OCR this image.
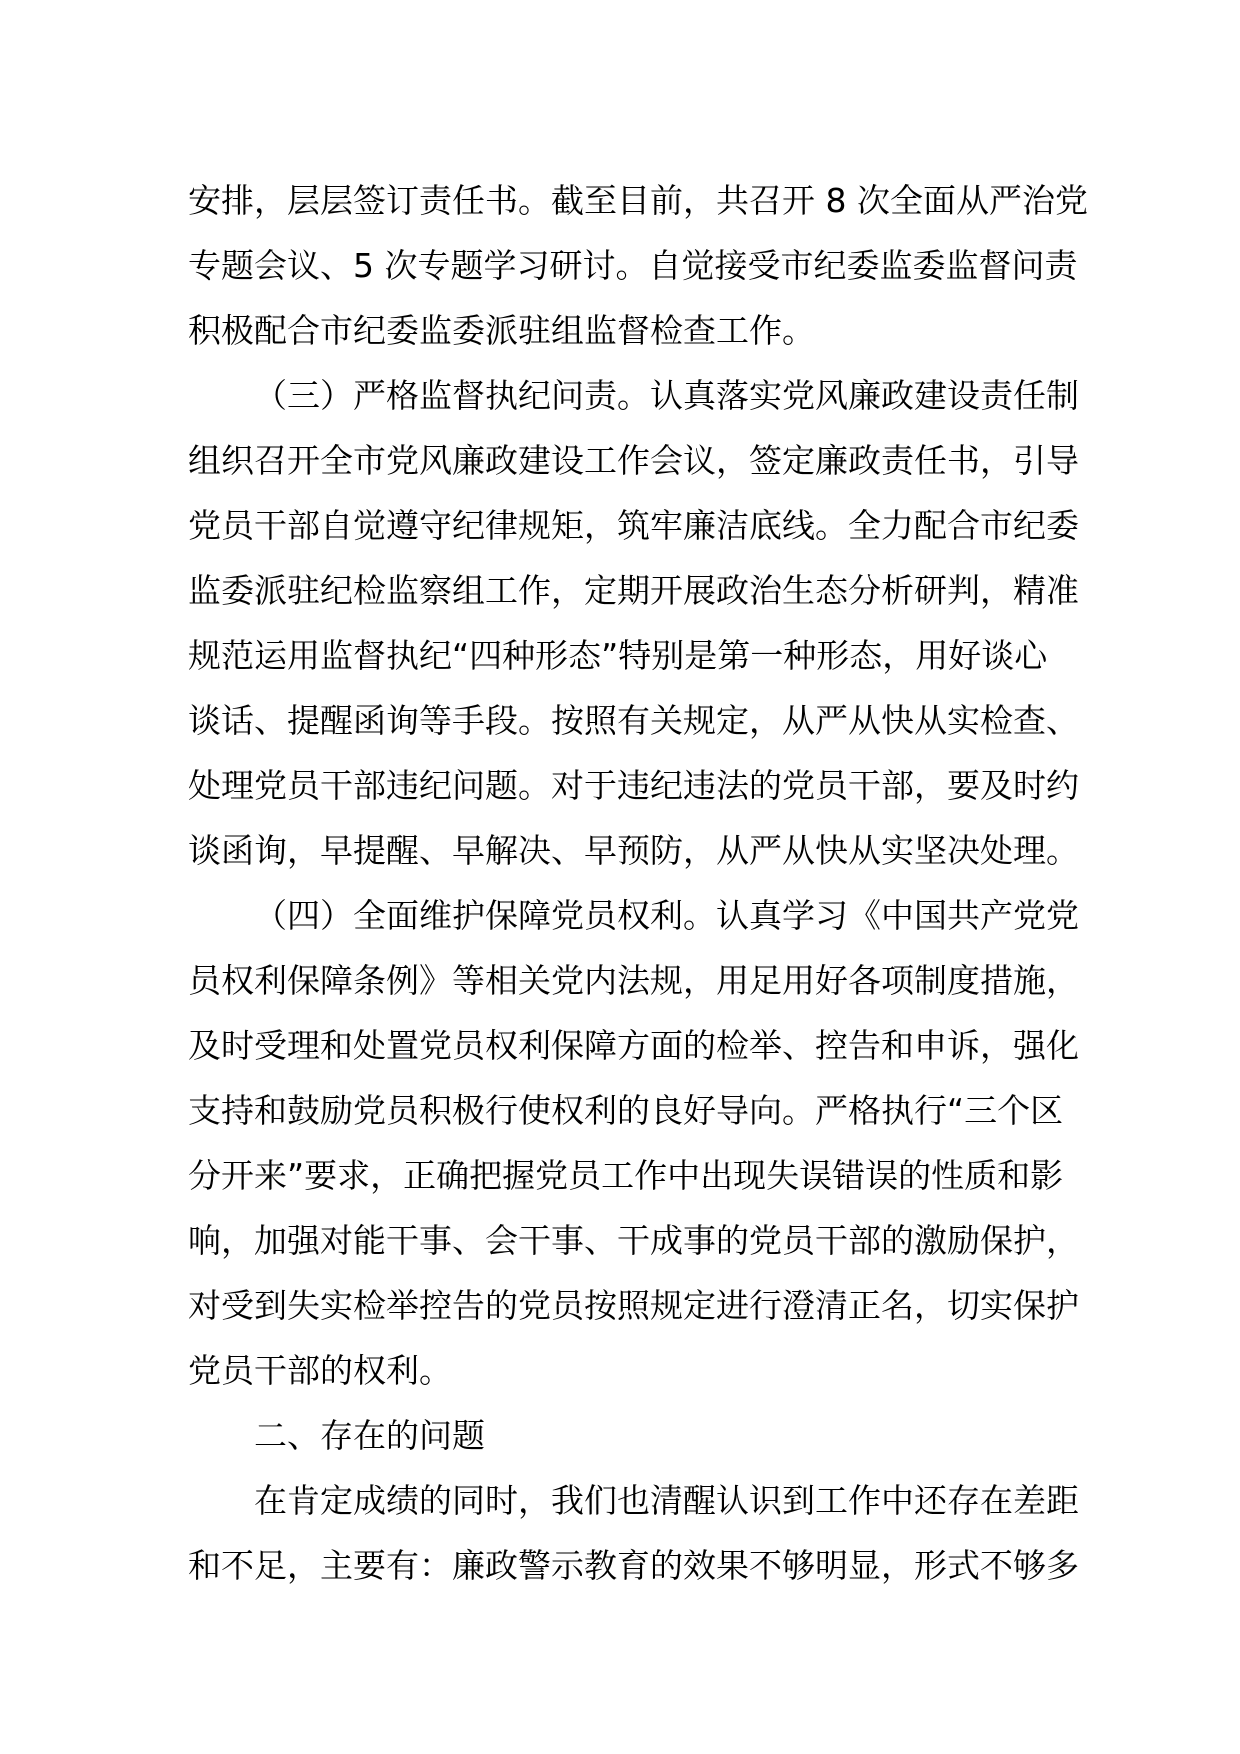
安排，层层签订责任书。截至目前，共召开 8 次全面从严治党
专题会议、5 次专题学习研讨。自觉接受市纪委监委监督问责
积极配合市纪委监委派驻组监督检查工作。
（三）严格监督执纪问责。认真落实党风廉政建设责任制
组织召开全市党风廉政建设工作会议，签定廉政责任书，引导
党员干部自觉遵守纪律规矩，筑牢廉洁底线。全力配合市纪委
监委派驻纪检监察组工作，定期开展政治生态分析研判，精准
规范运用监督执纪“四种形态”特别是第一种形态，用好谈心
谈话、提醒函询等手段。按照有关规定，从严从快从实检查、
处理党员干部违纪问题。对于违纪违法的党员干部，要及时约
谈函询，早提醒、早解决、早预防，从严从快从实坚决处理。
（四）全面维护保障党员权利。认真学习《中国共产党党
员权利保障条例》等相关党内法规，用足用好各项制度措施，
及时受理和处置党员权利保障方面的检举、控告和申诉，强化
支持和鼓励党员积极行使权利的良好导向。严格执行“三个区
分开来”要求，正确把握党员工作中出现失误错误的性质和影
响，加强对能干事、会干事、干成事的党员干部的激励保护，
对受到失实检举控告的党员按照规定进行澄清正名，切实保护
党员干部的权利。
二、存在的问题
在肯定成绩的同时，我们也清醒认识到工作中还存在差距
和不足，主要有：廉政警示教育的效果不够明显，形式不够多
